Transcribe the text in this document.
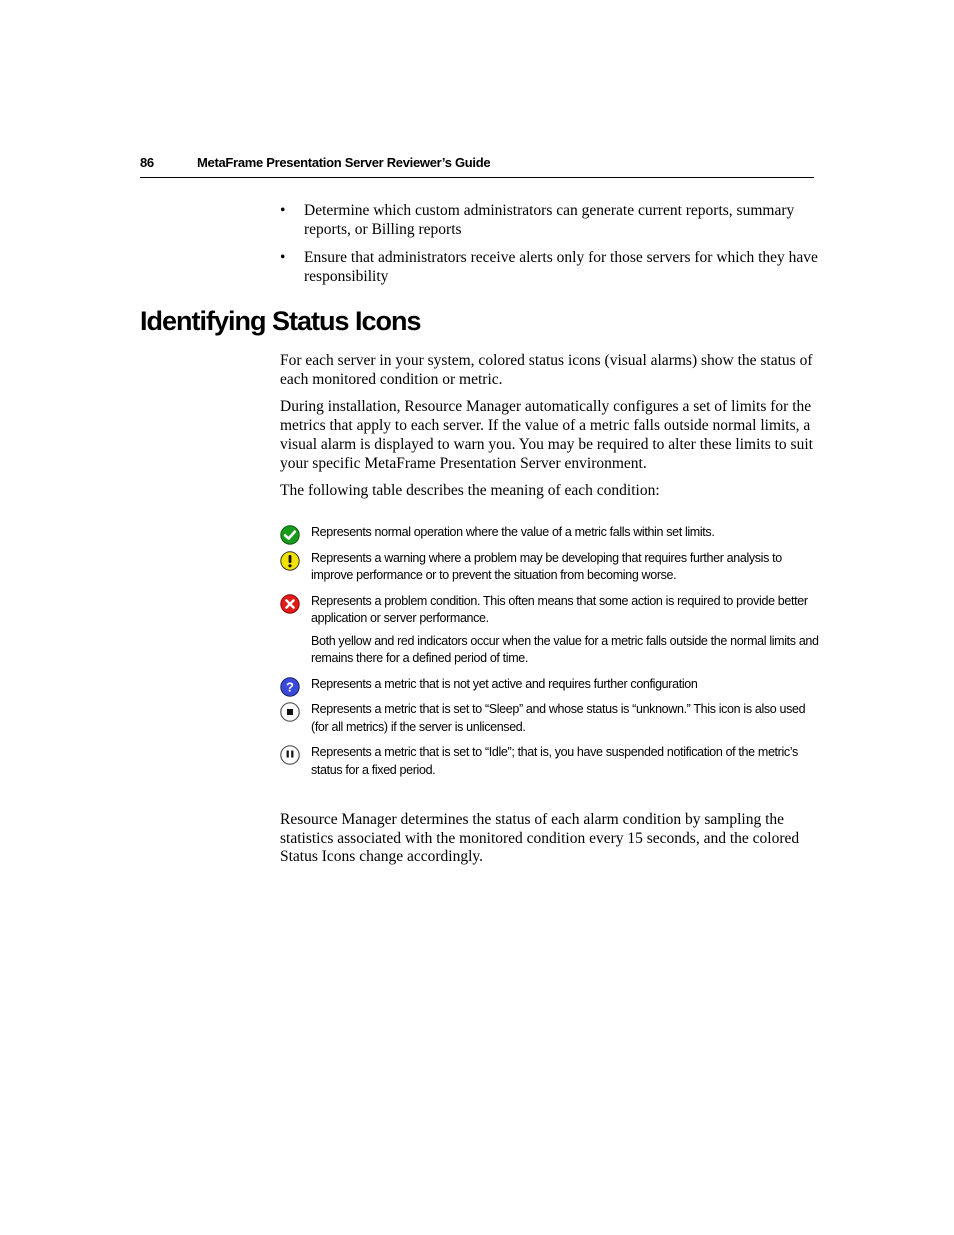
86	MetaFrame Presentation Server Reviewer’s Guide
• Determine which custom administrators can generate current reports, summary reports, or Billing reports
• Ensure that administrators receive alerts only for those servers for which they have responsibility
Identifying Status Icons

For each server in your system, colored status icons (visual alarms) show the status of each monitored condition or metric.

During installation, Resource Manager automatically configures a set of limits for the metrics that apply to each server. If the value of a metric falls outside normal limits, a visual alarm is displayed to warn you. You may be required to alter these limits to suit your specific MetaFrame Presentation Server environment.

The following table describes the meaning of each condition:

Represents normal operation where the value of a metric falls within set limits.
Represents a warning where a problem may be developing that requires further analysis to improve performance or to prevent the situation from becoming worse.
Represents a problem condition. This often means that some action is required to provide better application or server performance.
Both yellow and red indicators occur when the value for a metric falls outside the normal limits and remains there for a defined period of time.
? Represents a metric that is not yet active and requires further configuration
Represents a metric that is set to “Sleep” and whose status is “unknown.” This icon is also used (for all metrics) if the server is unlicensed.
Represents a metric that is set to “Idle”; that is, you have suspended notification of the metric’s status for a fixed period.

Resource Manager determines the status of each alarm condition by sampling the statistics associated with the monitored condition every 15 seconds, and the colored Status Icons change accordingly.
